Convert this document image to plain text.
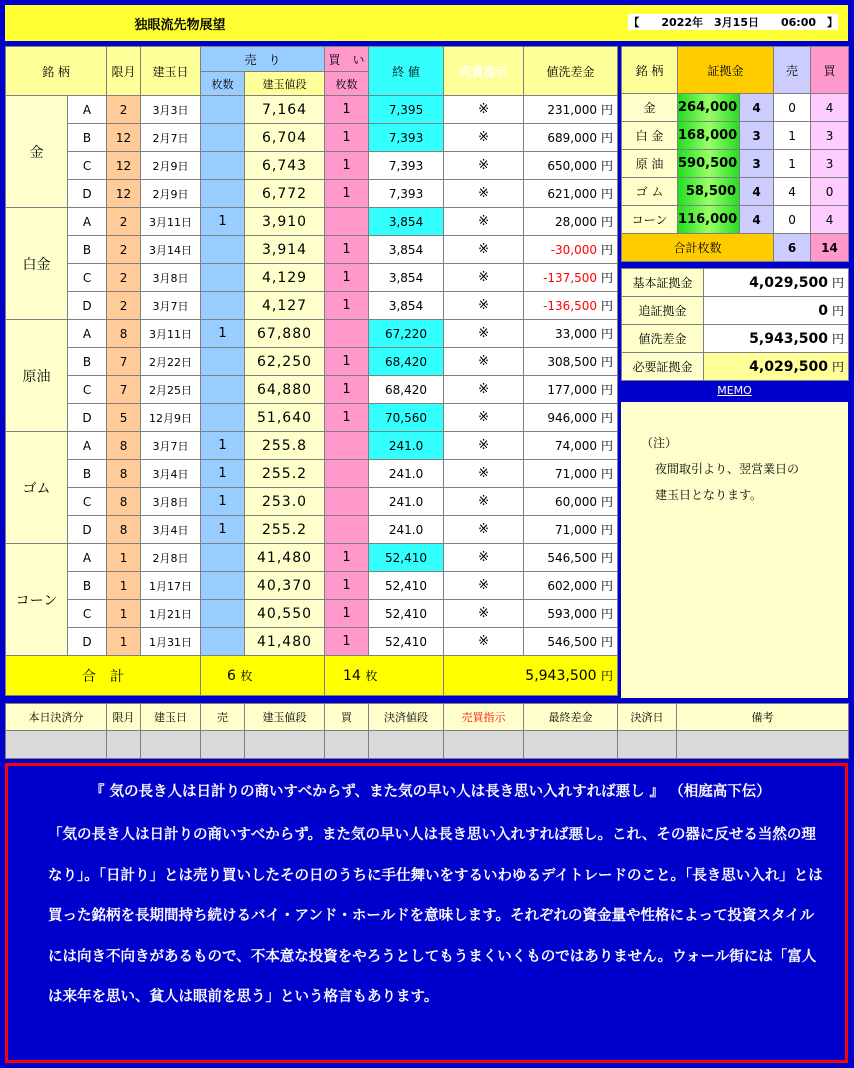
独眼流先物展望	【　　2022年　3月15日　　06:00　】
銘 柄		限月	建玉日	売　り		買　い	終 値	売買指示	値洗差金
				枚数	建玉値段	枚数			
金	A	2	3月3日		7,164	1	7,395	※	231,000 円
	B	12	2月7日		6,704	1	7,393	※	689,000 円
	C	12	2月9日		6,743	1	7,393	※	650,000 円
	D	12	2月9日		6,772	1	7,393	※	621,000 円
白金	A	2	3月11日	1	3,910		3,854	※	28,000 円
	B	2	3月14日		3,914	1	3,854	※	-30,000 円
	C	2	3月8日		4,129	1	3,854	※	-137,500 円
	D	2	3月7日		4,127	1	3,854	※	-136,500 円
原油	A	8	3月11日	1	67,880		67,220	※	33,000 円
	B	7	2月22日		62,250	1	68,420	※	308,500 円
	C	7	2月25日		64,880	1	68,420	※	177,000 円
	D	5	12月9日		51,640	1	70,560	※	946,000 円
ゴム	A	8	3月7日	1	255.8		241.0	※	74,000 円
	B	8	3月4日	1	255.2		241.0	※	71,000 円
	C	8	3月8日	1	253.0		241.0	※	60,000 円
	D	8	3月4日	1	255.2		241.0	※	71,000 円
コーン	A	1	2月8日		41,480	1	52,410	※	546,500 円
	B	1	1月17日		40,370	1	52,410	※	602,000 円
	C	1	1月21日		40,550	1	52,410	※	593,000 円
	D	1	1月31日		41,480	1	52,410	※	546,500 円
合　計				6 枚		14 枚		5,943,500 円	
銘 柄	証拠金		売	買
金	264,000	4	0	4
白 金	168,000	3	1	3
原 油	590,500	3	1	3
ゴ ム	58,500	4	4	0
コーン	116,000	4	0	4
合計枚数			6	14
基本証拠金	4,029,500 円
追証拠金	0 円
値洗差金	5,943,500 円
必要証拠金	4,029,500 円
MEMO

（注）

夜間取引より、翌営業日の

建玉日となります。

本日決済分	限月	建玉日	売	建玉値段	買	決済値段	売買指示	最終差金	決済日	備考

『 気の長き人は日計りの商いすべからず、また気の早い人は長き思い入れすれば悪し 』 （相庭高下伝）
「気の長き人は日計りの商いすべからず。また気の早い人は長き思い入れすれば悪し。これ、その器に反せる当然の理なり」。「日計り」とは売り買いしたその日のうちに手仕舞いをするいわゆるデイトレードのこと。「長き思い入れ」とは買った銘柄を長期間持ち続けるバイ・アンド・ホールドを意味します。それぞれの資金量や性格によって投資スタイルには向き不向きがあるもので、不本意な投資をやろうとしてもうまくいくものではありません。ウォール街には「富人は来年を思い、貧人は眼前を思う」という格言もあります。
